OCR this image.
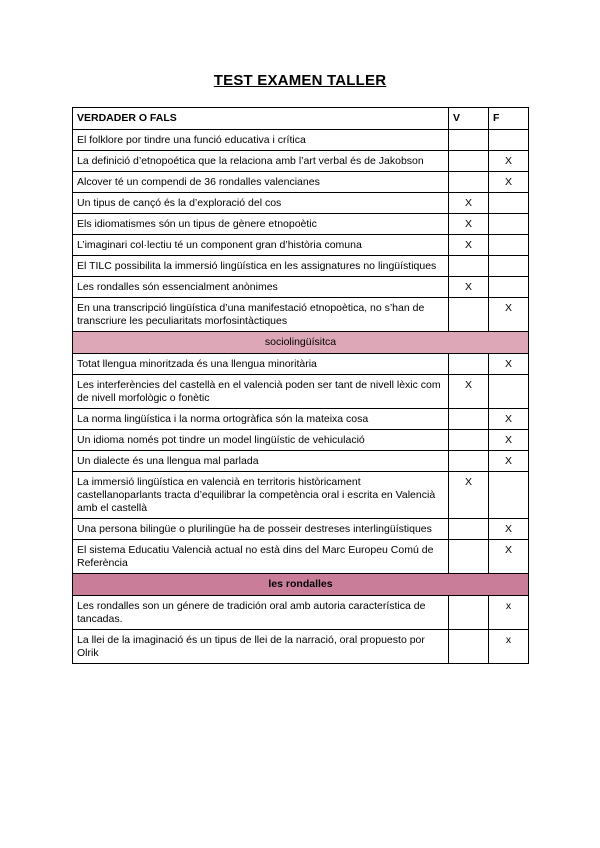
TEST EXAMEN TALLER
VERDADER O FALS	V	F
El folklore por tindre una funció educativa i crítica		
La definició d’etnopoética que la relaciona amb l’art verbal és de Jakobson		X
Alcover té un compendi de 36 rondalles valencianes		X
Un tipus de cançó és la d’exploració del cos	X	
Els idiomatismes són un tipus de gènere etnopoètic	X	
L’imaginari col·lectiu té un component gran d’història comuna	X	
El TILC possibilita la immersió lingüística en les assignatures no lingüístiques		
Les rondalles són essencialment anònimes	X	
En una transcripció lingüística d’una manifestació etnopoètica, no s’han de transcriure les peculiaritats morfosintàctiques		X
sociolingüísitca		
Totat llengua minoritzada és una llengua minoritària		X
Les interferències del castellà en el valencià poden ser tant de nivell lèxic com de nivell morfològic o fonètic	X	
La norma lingüística i la norma ortogràfica són la mateixa cosa		X
Un idioma només pot tindre un model lingüístic de vehiculació		X
Un dialecte és una llengua mal parlada		X
La immersió lingüística en valencià en territoris històricament castellanoparlants tracta d’equilibrar la competència oral i escrita en Valencià amb el castellà	X	
Una persona bilingüe o plurilingüe ha de posseir destreses interlingüístiques		X
El sistema Educatiu Valencià actual no està dins del Marc Europeu Comú de Referència		X
les rondalles		
Les rondalles son un génere de tradición oral amb autoria característica de tancadas.		x
La llei de la imaginació és un tipus de llei de la narració, oral propuesto por Olrik		x
